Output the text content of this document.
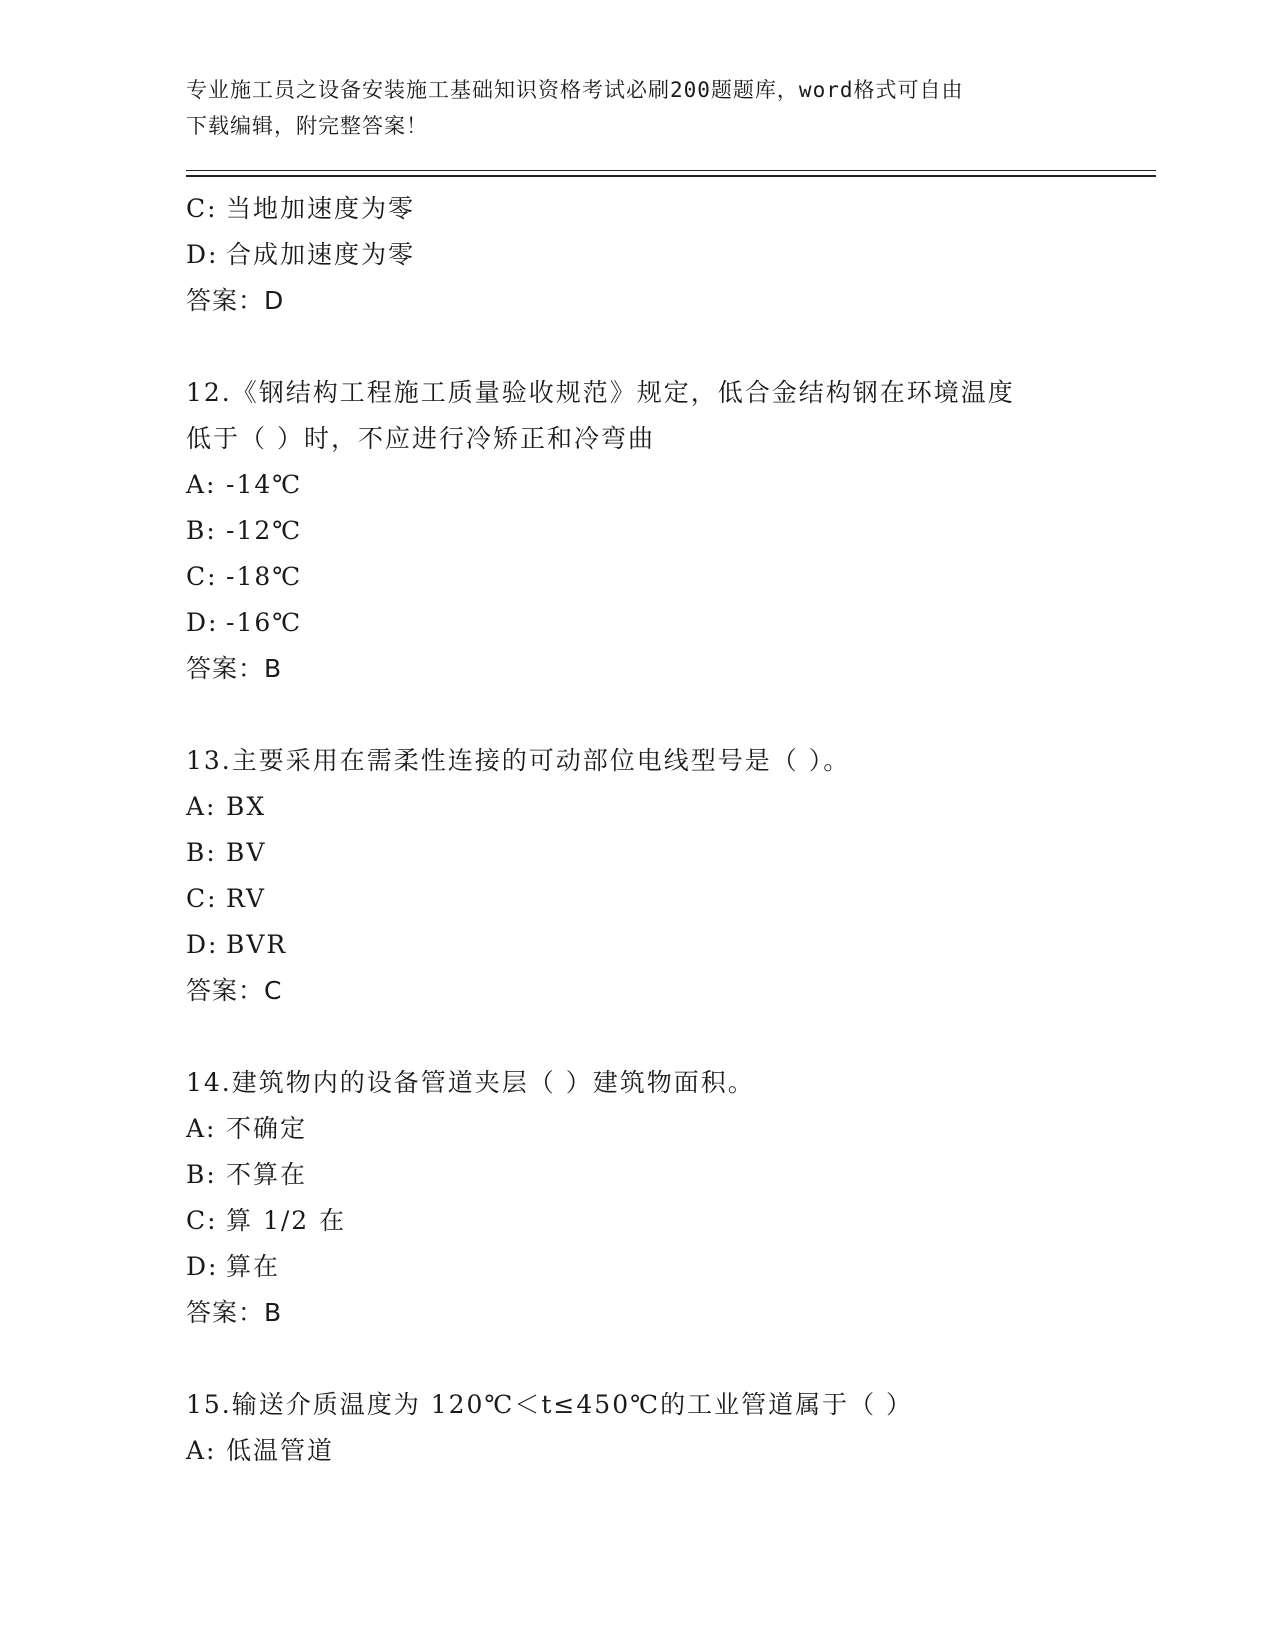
专业施工员之设备安装施工基础知识资格考试必刷200题题库，word格式可自由
下载编辑，附完整答案！
C: 当地加速度为零
D: 合成加速度为零
答案：D
12.《钢结构工程施工质量验收规范》规定，低合金结构钢在环境温度
低于（ ）时，不应进行冷矫正和冷弯曲
A: -14℃
B: -12℃
C: -18℃
D: -16℃
答案：B
13.主要采用在需柔性连接的可动部位电线型号是（ ）。
A: BX
B: BV
C: RV
D: BVR
答案：C
14.建筑物内的设备管道夹层（ ）建筑物面积。
A: 不确定
B: 不算在
C: 算 1/2 在
D: 算在
答案：B
15.输送介质温度为 120℃＜t≤450℃的工业管道属于（ ）
A: 低温管道
